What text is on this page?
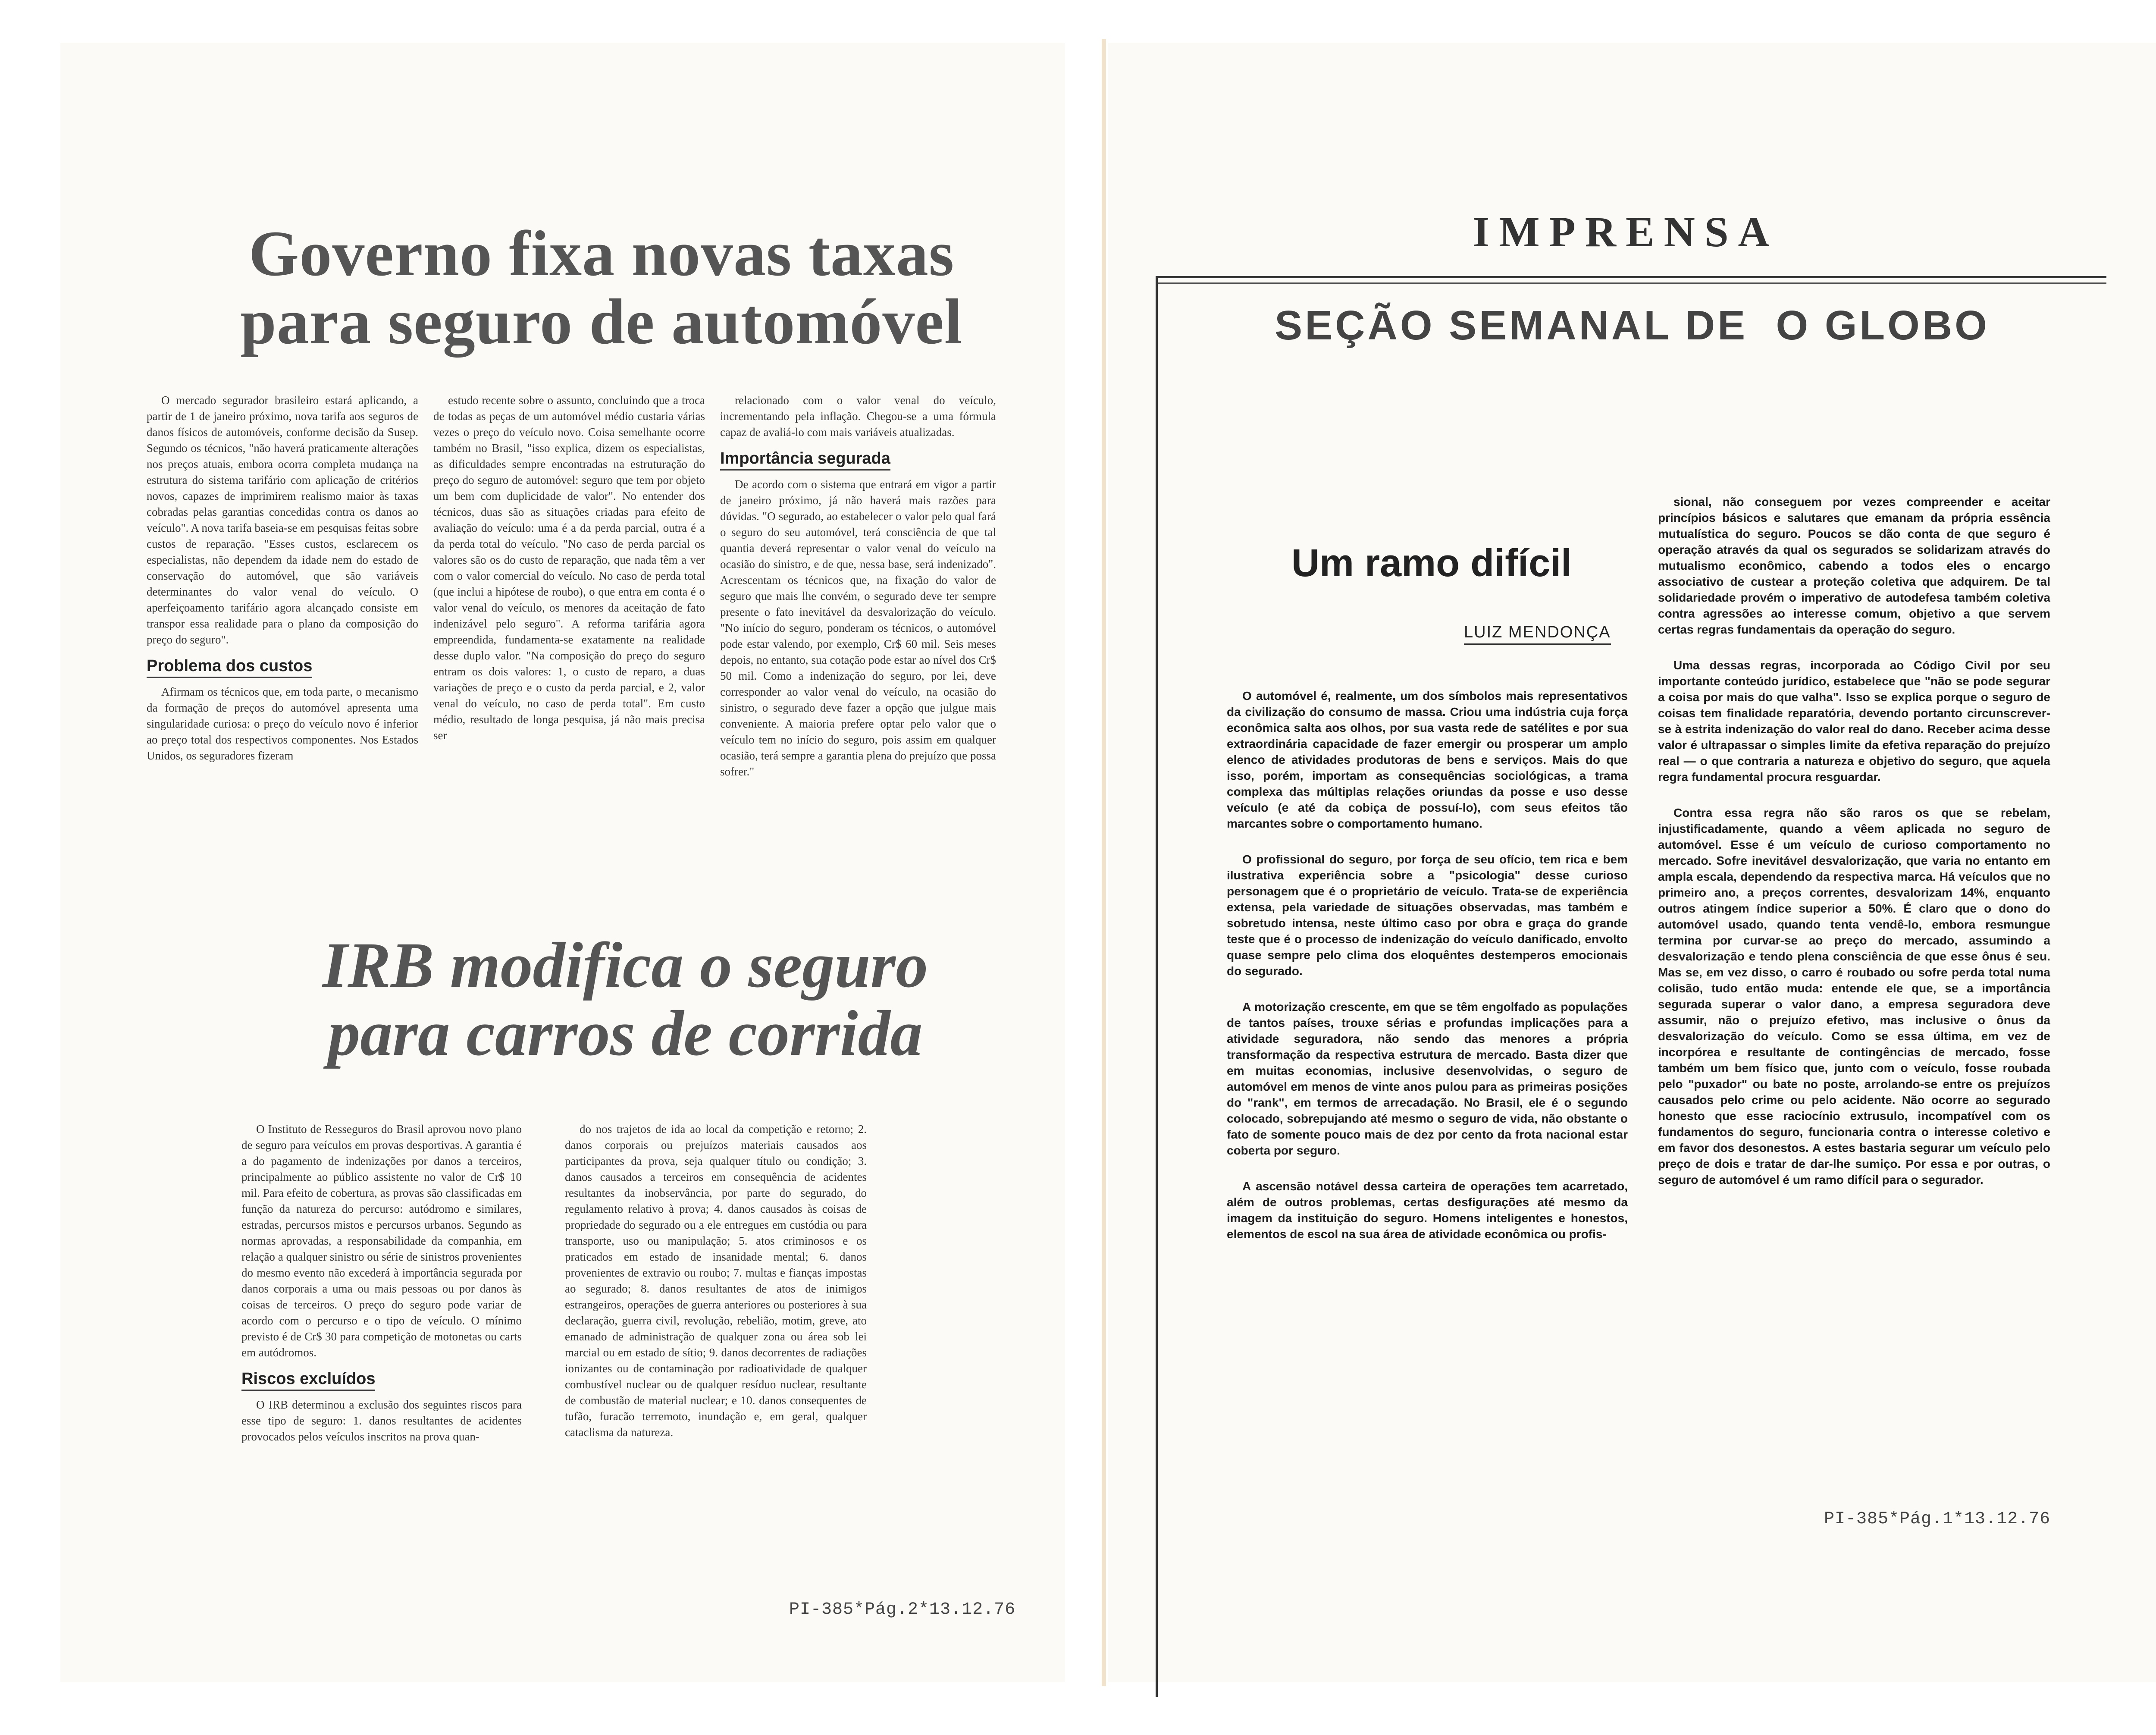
Governo fixa novas taxas
para seguro de automóvel

O mercado segurador brasileiro estará aplicando, a partir de 1 de janeiro próximo, nova tarifa aos seguros de danos físicos de automóveis, conforme decisão da Susep. Segundo os técnicos, "não haverá praticamente alterações nos preços atuais, embora ocorra completa mudança na estrutura do sistema tarifário com aplicação de critérios novos, capazes de imprimirem realismo maior às taxas cobradas pelas garantias concedidas contra os danos ao veículo". A nova tarifa baseia-se em pesquisas feitas sobre custos de reparação. "Esses custos, esclarecem os especialistas, não dependem da idade nem do estado de conservação do automóvel, que são variáveis determinantes do valor venal do veículo. O aperfeiçoamento tarifário agora alcançado consiste em transpor essa realidade para o plano da composição do preço do seguro".

Problema dos custos

Afirmam os técnicos que, em toda parte, o mecanismo da formação de preços do automóvel apresenta uma singularidade curiosa: o preço do veículo novo é inferior ao preço total dos respectivos componentes. Nos Estados Unidos, os seguradores fizeram

estudo recente sobre o assunto, concluindo que a troca de todas as peças de um automóvel médio custaria várias vezes o preço do veículo novo. Coisa semelhante ocorre também no Brasil, "isso explica, dizem os especialistas, as dificuldades sempre encontradas na estruturação do preço do seguro de automóvel: seguro que tem por objeto um bem com duplicidade de valor". No entender dos técnicos, duas são as situações criadas para efeito de avaliação do veículo: uma é a da perda parcial, outra é a da perda total do veículo. "No caso de perda parcial os valores são os do custo de reparação, que nada têm a ver com o valor comercial do veículo. No caso de perda total (que inclui a hipótese de roubo), o que entra em conta é o valor venal do veículo, os menores da aceitação de fato indenizável pelo seguro". A reforma tarifária agora empreendida, fundamenta-se exatamente na realidade desse duplo valor. "Na composição do preço do seguro entram os dois valores: 1, o custo de reparo, a duas variações de preço e o custo da perda parcial, e 2, valor venal do veículo, no caso de perda total". Em custo médio, resultado de longa pesquisa, já não mais precisa ser

relacionado com o valor venal do veículo, incrementando pela inflação. Chegou-se a uma fórmula capaz de avaliá-lo com mais variáveis atualizadas.

Importância segurada

De acordo com o sistema que entrará em vigor a partir de janeiro próximo, já não haverá mais razões para dúvidas. "O segurado, ao estabelecer o valor pelo qual fará o seguro do seu automóvel, terá consciência de que tal quantia deverá representar o valor venal do veículo na ocasião do sinistro, e de que, nessa base, será indenizado". Acrescentam os técnicos que, na fixação do valor de seguro que mais lhe convém, o segurado deve ter sempre presente o fato inevitável da desvalorização do veículo. "No início do seguro, ponderam os técnicos, o automóvel pode estar valendo, por exemplo, Cr$ 60 mil. Seis meses depois, no entanto, sua cotação pode estar ao nível dos Cr$ 50 mil. Como a indenização do seguro, por lei, deve corresponder ao valor venal do veículo, na ocasião do sinistro, o segurado deve fazer a opção que julgue mais conveniente. A maioria prefere optar pelo valor que o veículo tem no início do seguro, pois assim em qualquer ocasião, terá sempre a garantia plena do prejuízo que possa sofrer."

IRB modifica o seguro
para carros de corrida

O Instituto de Resseguros do Brasil aprovou novo plano de seguro para veículos em provas desportivas. A garantia é a do pagamento de indenizações por danos a terceiros, principalmente ao público assistente no valor de Cr$ 10 mil. Para efeito de cobertura, as provas são classificadas em função da natureza do percurso: autódromo e similares, estradas, percursos mistos e percursos urbanos. Segundo as normas aprovadas, a responsabilidade da companhia, em relação a qualquer sinistro ou série de sinistros provenientes do mesmo evento não excederá à importância segurada por danos corporais a uma ou mais pessoas ou por danos às coisas de terceiros. O preço do seguro pode variar de acordo com o percurso e o tipo de veículo. O mínimo previsto é de Cr$ 30 para competição de motonetas ou carts em autódromos.

Riscos excluídos

O IRB determinou a exclusão dos seguintes riscos para esse tipo de seguro: 1. danos resultantes de acidentes provocados pelos veículos inscritos na prova quan-

do nos trajetos de ida ao local da competição e retorno; 2. danos corporais ou prejuízos materiais causados aos participantes da prova, seja qualquer título ou condição; 3. danos causados a terceiros em consequência de acidentes resultantes da inobservância, por parte do segurado, do regulamento relativo à prova; 4. danos causados às coisas de propriedade do segurado ou a ele entregues em custódia ou para transporte, uso ou manipulação; 5. atos criminosos e os praticados em estado de insanidade mental; 6. danos provenientes de extravio ou roubo; 7. multas e fianças impostas ao segurado; 8. danos resultantes de atos de inimigos estrangeiros, operações de guerra anteriores ou posteriores à sua declaração, guerra civil, revolução, rebelião, motim, greve, ato emanado de administração de qualquer zona ou área sob lei marcial ou em estado de sítio; 9. danos decorrentes de radiações ionizantes ou de contaminação por radioatividade de qualquer combustível nuclear ou de qualquer resíduo nuclear, resultante de combustão de material nuclear; e 10. danos consequentes de tufão, furacão terremoto, inundação e, em geral, qualquer cataclisma da natureza.

PI-385*Pág.2*13.12.76
IMPRENSA
SEÇÃO SEMANAL DE  O GLOBO
Um ramo difícil
LUIZ MENDONÇA

O automóvel é, realmente, um dos símbolos mais representativos da civilização do consumo de massa. Criou uma indústria cuja força econômica salta aos olhos, por sua vasta rede de satélites e por sua extraordinária capacidade de fazer emergir ou prosperar um amplo elenco de atividades produtoras de bens e serviços. Mais do que isso, porém, importam as consequências sociológicas, a trama complexa das múltiplas relações oriundas da posse e uso desse veículo (e até da cobiça de possuí-lo), com seus efeitos tão marcantes sobre o comportamento humano.

O profissional do seguro, por força de seu ofício, tem rica e bem ilustrativa experiência sobre a "psicologia" desse curioso personagem que é o proprietário de veículo. Trata-se de experiência extensa, pela variedade de situações observadas, mas também e sobretudo intensa, neste último caso por obra e graça do grande teste que é o processo de indenização do veículo danificado, envolto quase sempre pelo clima dos eloquêntes destemperos emocionais do segurado.

A motorização crescente, em que se têm engolfado as populações de tantos países, trouxe sérias e profundas implicações para a atividade seguradora, não sendo das menores a própria transformação da respectiva estrutura de mercado. Basta dizer que em muitas economias, inclusive desenvolvidas, o seguro de automóvel em menos de vinte anos pulou para as primeiras posições do "rank", em termos de arrecadação. No Brasil, ele é o segundo colocado, sobrepujando até mesmo o seguro de vida, não obstante o fato de somente pouco mais de dez por cento da frota nacional estar coberta por seguro.

A ascensão notável dessa carteira de operações tem acarretado, além de outros problemas, certas desfigurações até mesmo da imagem da instituição do seguro. Homens inteligentes e honestos, elementos de escol na sua área de atividade econômica ou profis-

sional, não conseguem por vezes compreender e aceitar princípios básicos e salutares que emanam da própria essência mutualística do seguro. Poucos se dão conta de que seguro é operação através da qual os segurados se solidarizam através do mutualismo econômico, cabendo a todos eles o encargo associativo de custear a proteção coletiva que adquirem. De tal solidariedade provém o imperativo de autodefesa também coletiva contra agressões ao interesse comum, objetivo a que servem certas regras fundamentais da operação do seguro.

Uma dessas regras, incorporada ao Código Civil por seu importante conteúdo jurídico, estabelece que "não se pode segurar a coisa por mais do que valha". Isso se explica porque o seguro de coisas tem finalidade reparatória, devendo portanto circunscrever-se à estrita indenização do valor real do dano. Receber acima desse valor é ultrapassar o simples limite da efetiva reparação do prejuízo real — o que contraria a natureza e objetivo do seguro, que aquela regra fundamental procura resguardar.

Contra essa regra não são raros os que se rebelam, injustificadamente, quando a vêem aplicada no seguro de automóvel. Esse é um veículo de curioso comportamento no mercado. Sofre inevitável desvalorização, que varia no entanto em ampla escala, dependendo da respectiva marca. Há veículos que no primeiro ano, a preços correntes, desvalorizam 14%, enquanto outros atingem índice superior a 50%. É claro que o dono do automóvel usado, quando tenta vendê-lo, embora resmungue termina por curvar-se ao preço do mercado, assumindo a desvalorização e tendo plena consciência de que esse ônus é seu. Mas se, em vez disso, o carro é roubado ou sofre perda total numa colisão, tudo então muda: entende ele que, se a importância segurada superar o valor dano, a empresa seguradora deve assumir, não o prejuízo efetivo, mas inclusive o ônus da desvalorização do veículo. Como se essa última, em vez de incorpórea e resultante de contingências de mercado, fosse também um bem físico que, junto com o veículo, fosse roubada pelo "puxador" ou bate no poste, arrolando-se entre os prejuízos causados pelo crime ou pelo acidente. Não ocorre ao segurado honesto que esse raciocínio extrusulo, incompatível com os fundamentos do seguro, funcionaria contra o interesse coletivo e em favor dos desonestos. A estes bastaria segurar um veículo pelo preço de dois e tratar de dar-lhe sumiço. Por essa e por outras, o seguro de automóvel é um ramo difícil para o segurador.

PI-385*Pág.1*13.12.76
